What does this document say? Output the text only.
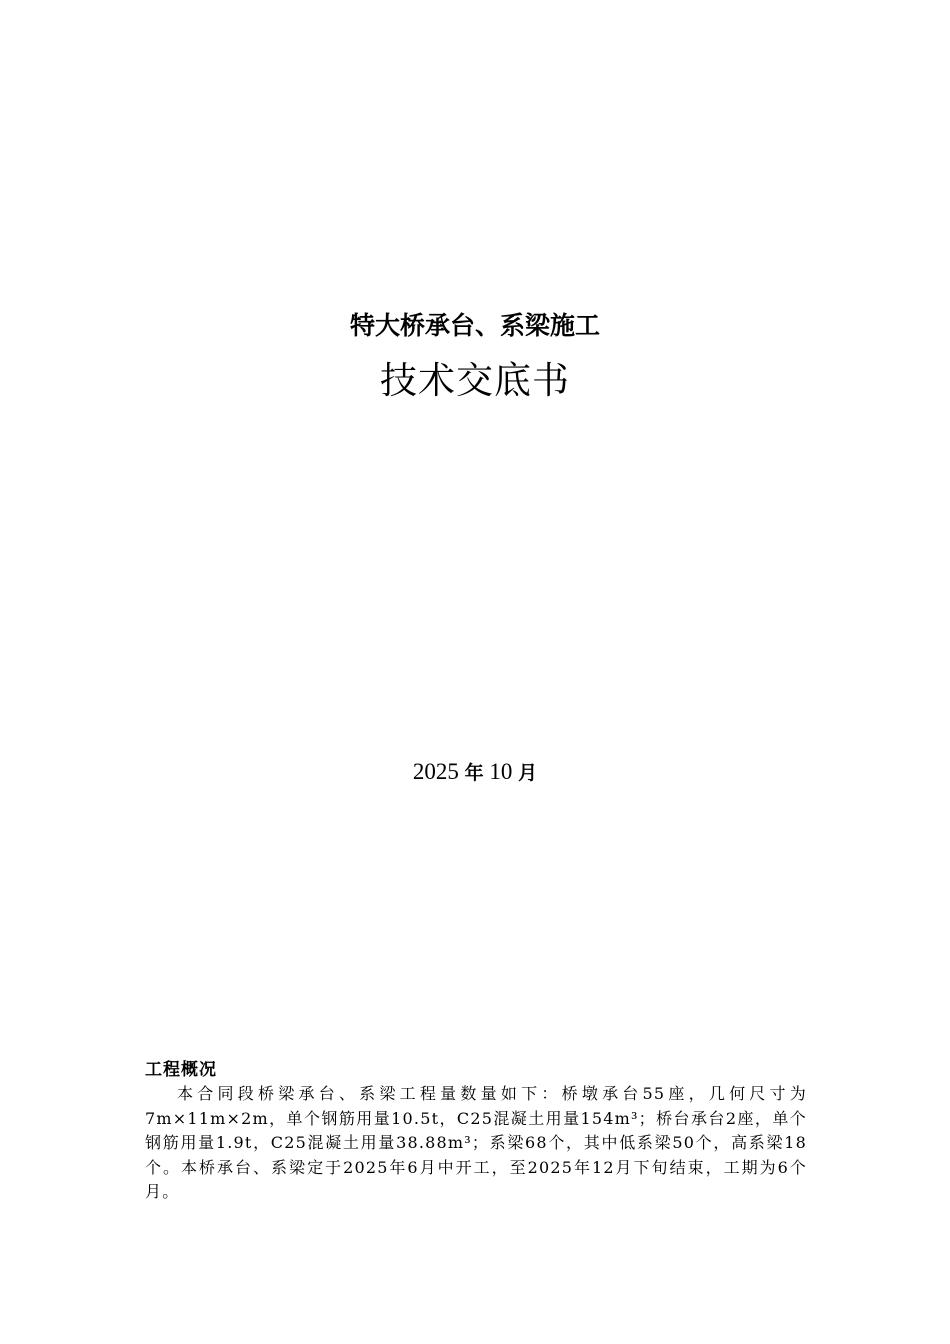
特大桥承台、系梁施工
技术交底书
2025 年 10 月

工程概况

本合同段桥梁承台、系梁工程量数量如下：桥墩承台55座，几何尺寸为7m×11m×2m，单个钢筋用量10.5t，C25混凝土用量154m³；桥台承台2座，单个钢筋用量1.9t，C25混凝土用量38.88m³；系梁68个，其中低系梁50个，高系梁18个。本桥承台、系梁定于2025年6月中开工，至2025年12月下旬结束，工期为6个月。
